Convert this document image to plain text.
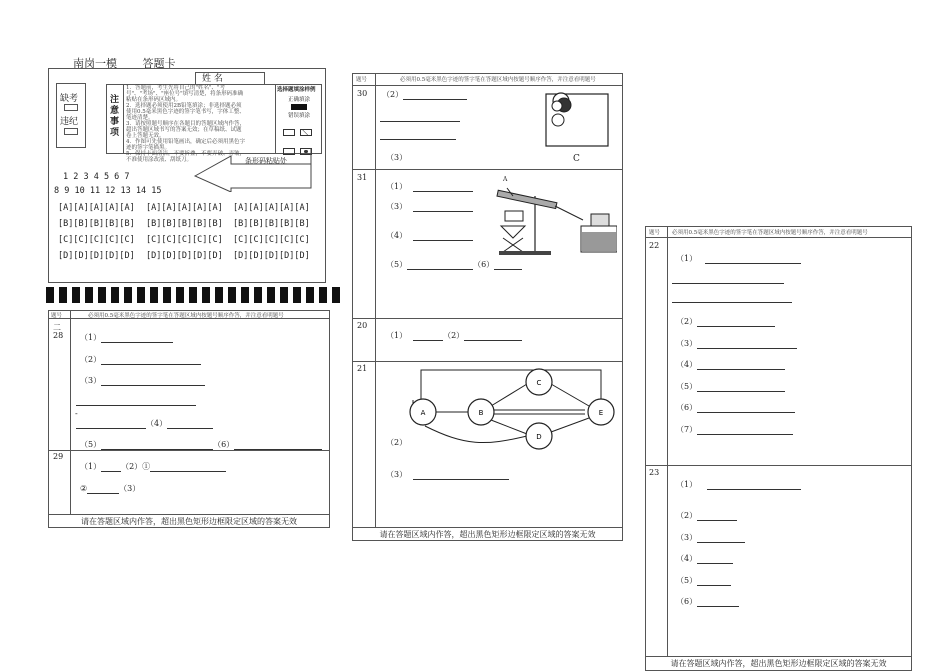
南岗一模 答题卡
姓 名
缺考
违纪
注意事项
1．答题前，考生先将自己的"姓名"、"考号"、"考场"、"座位号"填写清楚，将条形码准确粘贴在条形码区域内。
2．选择题必须使用2B铅笔填涂；非选择题必须使用0.5毫米黑色字迹的签字笔书写，字体工整、笔迹清楚。
3．请按照题号顺序在各题目的答题区域内作答，超出答题区域书写的答案无效；在草稿纸、试题卷上答题无效。
4．作图可先使用铅笔画出，确定后必须用黑色字迹的签字笔描黑。
5．保持卡面清洁，不要折叠，不要弄破、弄皱，不准使用涂改液、刮纸刀。
选择题填涂样例
正确填涂
错误填涂

条形码粘贴处
1 2 3 4 5 6 7
8 9 10 11 12 13 14 15
[A][A][A][A][A]
[B][B][B][B][B]
[C][C][C][C][C]
[D][D][D][D][D]
[A][A][A][A][A]
[B][B][B][B][B]
[C][C][C][C][C]
[D][D][D][D][D]
[A][A][A][A][A]
[B][B][B][B][B]
[C][C][C][C][C]
[D][D][D][D][D]
题号	必须用0.5毫米黑色字迹的签字笔在答题区域内按题号顺序作答，并注意看明题号
二
28 （1）
（2）
（3）
-
（4）
（5）	（6）
29
（1）	（2）①
②	（3）
请在答题区域内作答，超出黑色矩形边框限定区域的答案无效
题号	必须用0.5毫米黑色字迹的签字笔在答题区域内按题号顺序作答，并注意看明题号
30 （2）
（3）	C
31
（1）
（3）
（4）
（5）	（6）
A
20
（1）	（2）
21
A	B
C
D
E
（2）
（3）
请在答题区域内作答，超出黑色矩形边框限定区域的答案无效
题号 必须用0.5毫米黑色字迹的签字笔在答题区域内按题号顺序作答，并注意看明题号
22
（1）
（2）
（3）
（4）
（5）
（6）
（7）
23
（1）
（2）
（3）
（4）
（5）
（6）
请在答题区域内作答，超出黑色矩形边框限定区域的答案无效
